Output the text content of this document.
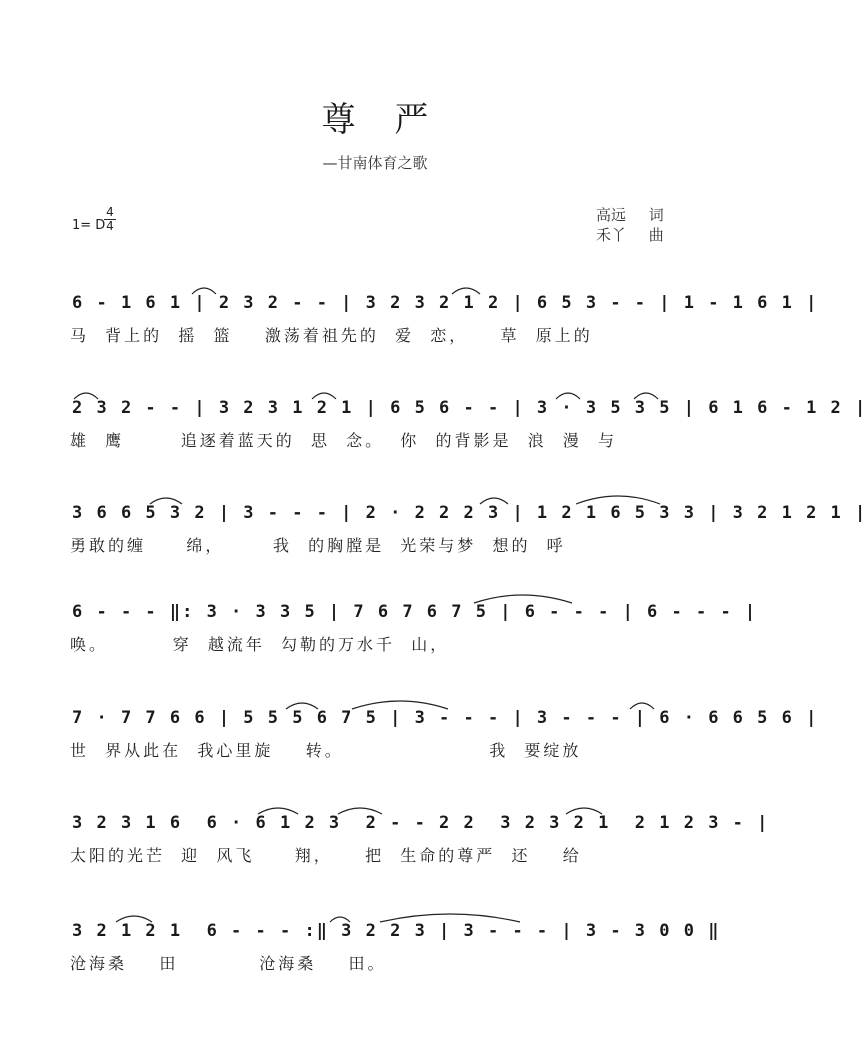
尊 严
—甘南体育之歌
高远 词
禾丫 曲
1= D
4
4
6 - 1 6 1 | 2 3 2 - - | 3 2 3 2 1 2 | 6 5 3 - - | 1 - 1 6 1 |
马  背上的  摇  篮    激荡着祖先的  爱  恋，    草  原上的
2 3 2 - - | 3 2 3 1 2 1 | 6 5 6 - - | 3 · 3 5 3 5 | 6 1 6 - 1 2 |
雄  鹰       追逐着蓝天的  思  念。  你  的背影是  浪  漫  与
3 6 6 5 3 2 | 3 - - - | 2 · 2 2 2 3 | 1 2 1 6 5 3 3 | 3 2 1 2 1 |
勇敢的缠     绵，      我  的胸膛是  光荣与梦  想的  呼
6 - - - ‖: 3 · 3 3 5 | 7 6 7 6 7 5 | 6 - - - | 6 - - - |
唤。        穿  越流年  勾勒的万水千  山，
7 · 7 7 6 6 | 5 5 5 6 7 5 | 3 - - - | 3 - - - | 6 · 6 6 5 6 |
世  界从此在  我心里旋    转。                  我  要绽放
3 2 3 1 6  6 · 6 1 2 3  2 - - 2 2  3 2 3 2 1  2 1 2 3 - |
太阳的光芒  迎  风飞     翔，    把  生命的尊严  还    给
3 2 1 2 1  6 - - - :‖ 3 2 2 3 | 3 - - - | 3 - 3 0 0 ‖
沧海桑    田          沧海桑    田。
